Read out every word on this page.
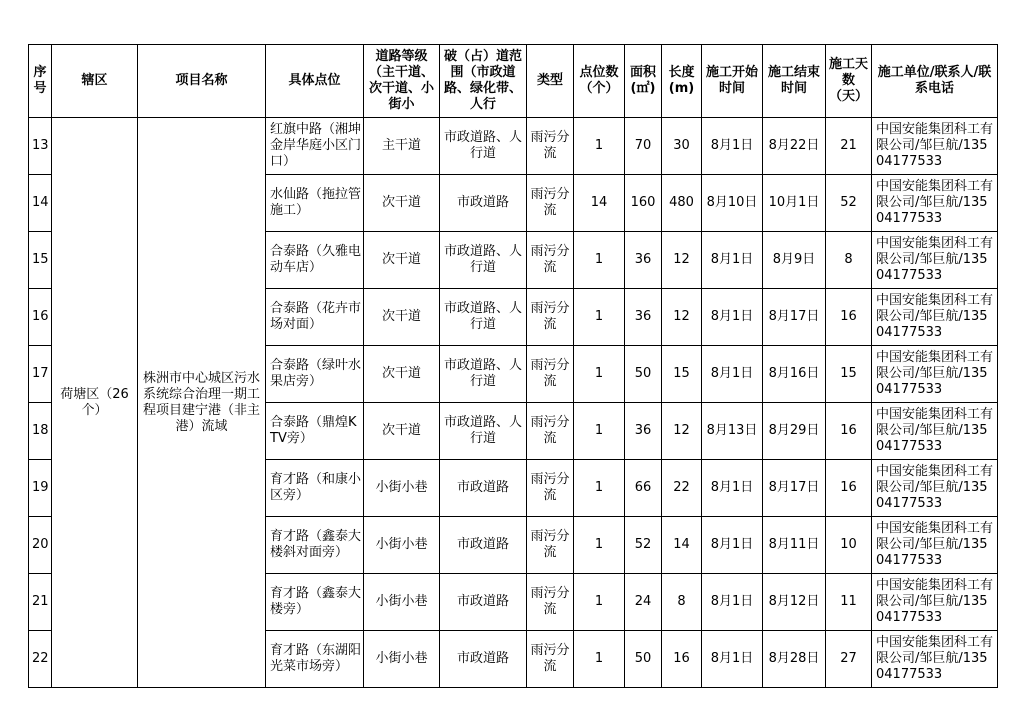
序号	辖区	项目名称	具体点位	道路等级（主干道、次干道、小街小	破（占）道范围（市政道路、绿化带、人行	类型	点位数（个）	面积(㎡)	长度(m)	施工开始时间	施工结束时间	施工天数（天）	施工单位/联系人/联系电话
13	荷塘区（26个）	株洲市中心城区污水系统综合治理一期工程项目建宁港（非主港）流域	红旗中路（湘坤金岸华庭小区门口）	主干道	市政道路、人行道	雨污分流	1	70	30	8月1日	8月22日	21	中国安能集团科工有限公司/邹巨航/13504177533
14			水仙路（拖拉管施工）	次干道	市政道路	雨污分流	14	160	480	8月10日	10月1日	52	中国安能集团科工有限公司/邹巨航/13504177533
15			合泰路（久雅电动车店）	次干道	市政道路、人行道	雨污分流	1	36	12	8月1日	8月9日	8	中国安能集团科工有限公司/邹巨航/13504177533
16			合泰路（花卉市场对面）	次干道	市政道路、人行道	雨污分流	1	36	12	8月1日	8月17日	16	中国安能集团科工有限公司/邹巨航/13504177533
17			合泰路（绿叶水果店旁）	次干道	市政道路、人行道	雨污分流	1	50	15	8月1日	8月16日	15	中国安能集团科工有限公司/邹巨航/13504177533
18			合泰路（鼎煌KTV旁）	次干道	市政道路、人行道	雨污分流	1	36	12	8月13日	8月29日	16	中国安能集团科工有限公司/邹巨航/13504177533
19			育才路（和康小区旁）	小街小巷	市政道路	雨污分流	1	66	22	8月1日	8月17日	16	中国安能集团科工有限公司/邹巨航/13504177533
20			育才路（鑫泰大楼斜对面旁）	小街小巷	市政道路	雨污分流	1	52	14	8月1日	8月11日	10	中国安能集团科工有限公司/邹巨航/13504177533
21			育才路（鑫泰大楼旁）	小街小巷	市政道路	雨污分流	1	24	8	8月1日	8月12日	11	中国安能集团科工有限公司/邹巨航/13504177533
22			育才路（东湖阳光菜市场旁）	小街小巷	市政道路	雨污分流	1	50	16	8月1日	8月28日	27	中国安能集团科工有限公司/邹巨航/13504177533
